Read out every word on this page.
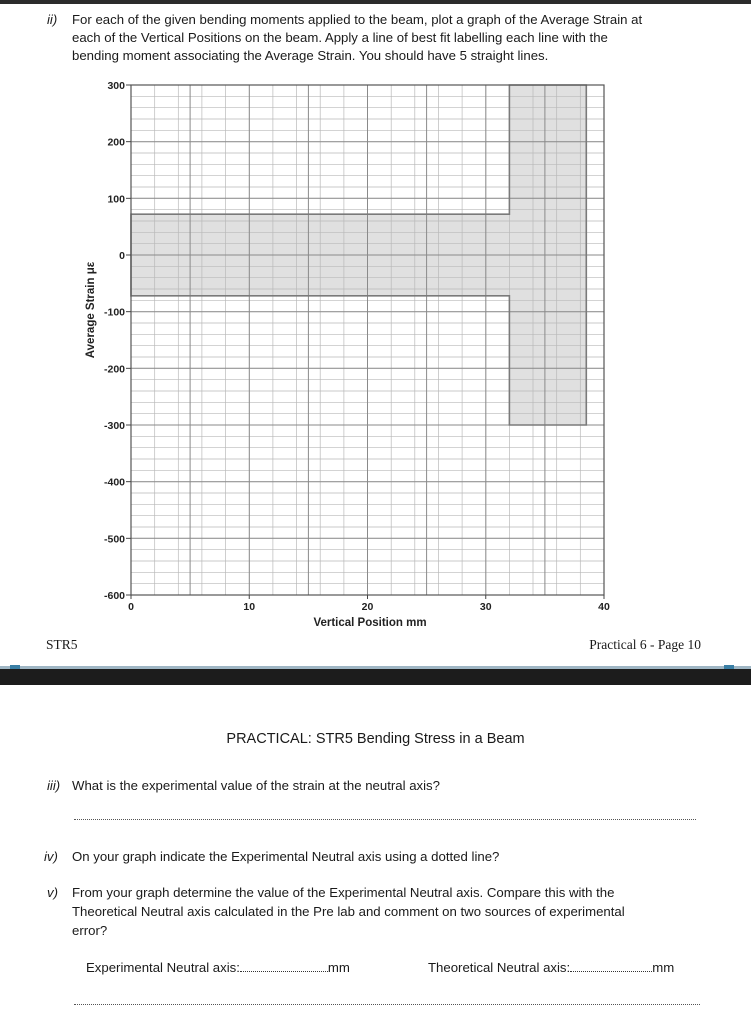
ii) For each of the given bending moments applied to the beam, plot a graph of the Average Strain at
each of the Vertical Positions on the beam. Apply a line of best fit labelling each line with the
bending moment associating the Average Strain. You should have 5 straight lines.
300
200
100
0
-100
-200
-300
-400
-500
-600
0	10	20	30	40
Vertical Position mm
Average Strain με
STR5	Practical 6 - Page 10
PRACTICAL: STR5 Bending Stress in a Beam
iii) What is the experimental value of the strain at the neutral axis?
iv) On your graph indicate the Experimental Neutral axis using a dotted line?
v) From your graph determine the value of the Experimental Neutral axis. Compare this with the
Theoretical Neutral axis calculated in the Pre lab and comment on two sources of experimental
error?
Experimental Neutral axis:	mm	Theoretical Neutral axis:	mm
